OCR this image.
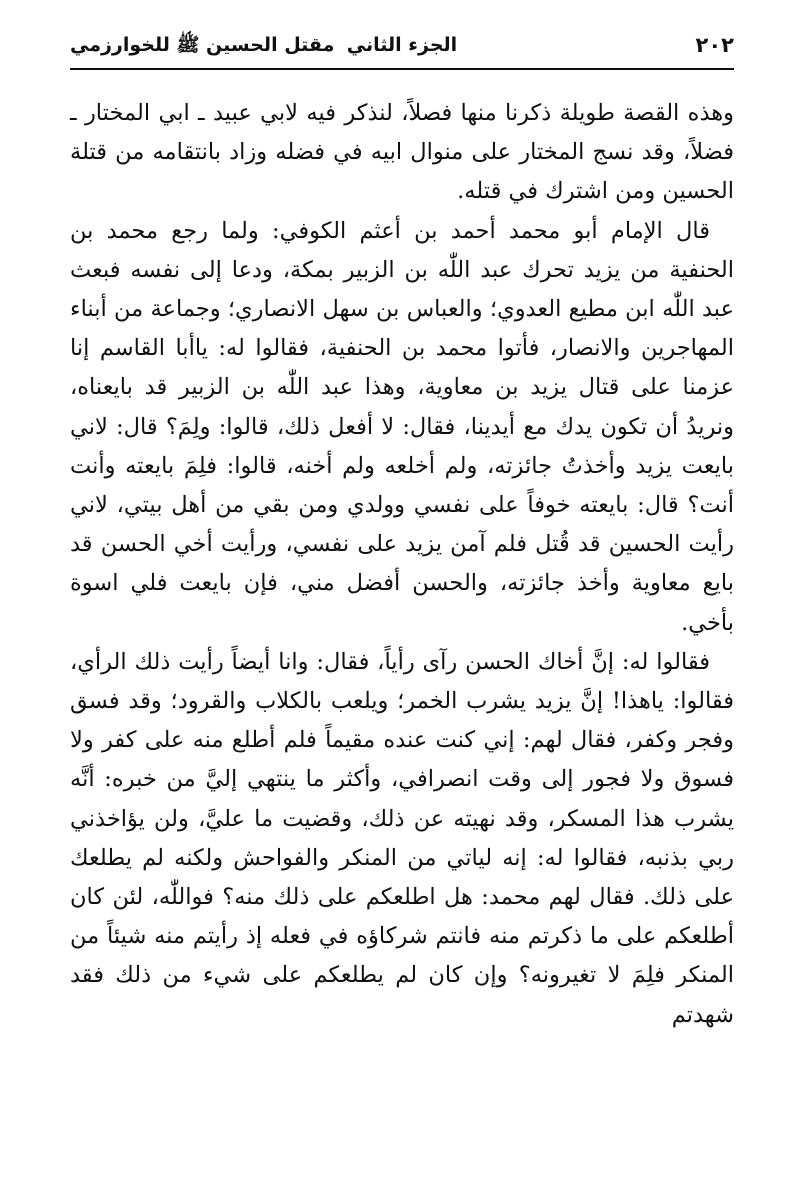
٢٠٢
الجزء الثاني
مقتل الحسين ﷺ للخوارزمي

وهذه القصة طويلة ذكرنا منها فصلاً، لنذكر فيه لابي عبيد ـ ابي المختار ـ فضلاً، وقد نسج المختار على منوال ابيه في فضله وزاد بانتقامه من قتلة الحسين ومن اشترك في قتله.

قال الإمام أبو محمد أحمد بن أعثم الكوفي: ولما رجع محمد بن الحنفية من يزيد تحرك عبد اللّٰه بن الزبير بمكة، ودعا إلى نفسه فبعث عبد اللّٰه ابن مطيع العدوي؛ والعباس بن سهل الانصاري؛ وجماعة من أبناء المهاجرين والانصار، فأتوا محمد بن الحنفية، فقالوا له: ياأبا القاسم إنا عزمنا على قتال يزيد بن معاوية، وهذا عبد اللّٰه بن الزبير قد بايعناه، ونريدُ أن تكون يدك مع أيدينا، فقال: لا أفعل ذلك، قالوا: ولِمَ؟ قال: لاني بايعت يزيد وأخذتُ جائزته، ولم أخلعه ولم أخنه، قالوا: فلِمَ بايعته وأنت أنت؟ قال: بايعته خوفاً على نفسي وولدي ومن بقي من أهل بيتي، لاني رأيت الحسين قد قُتل فلم آمن يزيد على نفسي، ورأيت أخي الحسن قد بايع معاوية وأخذ جائزته، والحسن أفضل مني، فإن بايعت فلي اسوة بأخي.

فقالوا له: إنَّ أخاك الحسن رآى رأياً، فقال: وانا أيضاً رأيت ذلك الرأي، فقالوا: ياهذا! إنَّ يزيد يشرب الخمر؛ ويلعب بالكلاب والقرود؛ وقد فسق وفجر وكفر، فقال لهم: إني كنت عنده مقيماً فلم أطلع منه على كفر ولا فسوق ولا فجور إلى وقت انصرافي، وأكثر ما ينتهي إليَّ من خبره: أنَّه يشرب هذا المسكر، وقد نهيته عن ذلك، وقضيت ما عليَّ، ولن يؤاخذني ربي بذنبه، فقالوا له: إنه لياتي من المنكر والفواحش ولكنه لم يطلعك على ذلك. فقال لهم محمد: هل اطلعكم على ذلك منه؟ فواللّٰه، لئن كان أطلعكم على ما ذكرتم منه فانتم شركاؤه في فعله إذ رأيتم منه شيئاً من المنكر فلِمَ لا تغيرونه؟ وإن كان لم يطلعكم على شيء من ذلك فقد شهدتم
